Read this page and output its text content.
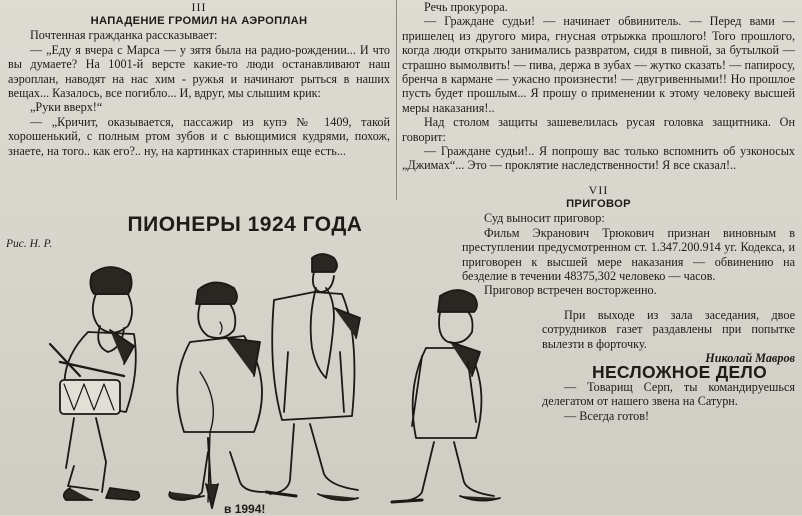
III

НАПАДЕНИЕ ГРОМИЛ НА АЭРОПЛАН

Почтенная гражданка рассказывает:

— „Еду я вчера с Марса — у зятя была на радио-рождении... И что вы думаете? На 1001-й версте какие-то люди останавливают наш аэроплан, наводят на нас хим - ружья и начинают рыться в наших вещах... Казалось, все погибло... И, вдруг, мы слышим крик:

„Руки вверх!“

— „Кричит, оказывается, пассажир из купэ № 1409, такой хорошенький, с полным ртом зубов и с вьющимися кудрями, похож, знаете, на того.. как его?.. ну, на картинках старинных еще есть...

ПИОНЕРЫ 1924 ГОДА
Рис. Н. Р.
в 1994!

Речь прокурора.

— Граждане судьи! — начинает обвинитель. — Перед вами — пришелец из другого мира, гнусная отрыжка прошлого! Того прошлого, когда люди открыто занимались развратом, сидя в пивной, за бутылкой — страшно вымолвить! — пива, держа в зубах — жутко сказать! — папиросу, бренча в кармане — ужасно произнести! — двугривенными!! Но прошлое пусть будет прошлым... Я прошу о применении к этому человеку высшей меры наказания!..

Над столом защиты зашевелилась русая головка защитника. Он говорит:

— Граждане судьи!.. Я попрошу вас только вспомнить об узконосых „Джимах“... Это — проклятие наследственности! Я все сказал!..

VII

ПРИГОВОР

Суд выносит приговор:

Фильм Экранович Трюкович признан виновным в преступлении предусмотренном ст. 1.347.200.914 уг. Кодекса, и приговорен к высшей мере наказания — обвинению на безделие в течении 48375,302 человеко — часов.

Приговор встречен восторженно.

При выходе из зала заседания, двое сотрудников газет раздавлены при попытке вылезти в форточку.

Николай Мавров

НЕСЛОЖНОЕ ДЕЛО

— Товарищ Серп, ты командируешься делегатом от нашего звена на Сатурн.

— Всегда готов!
